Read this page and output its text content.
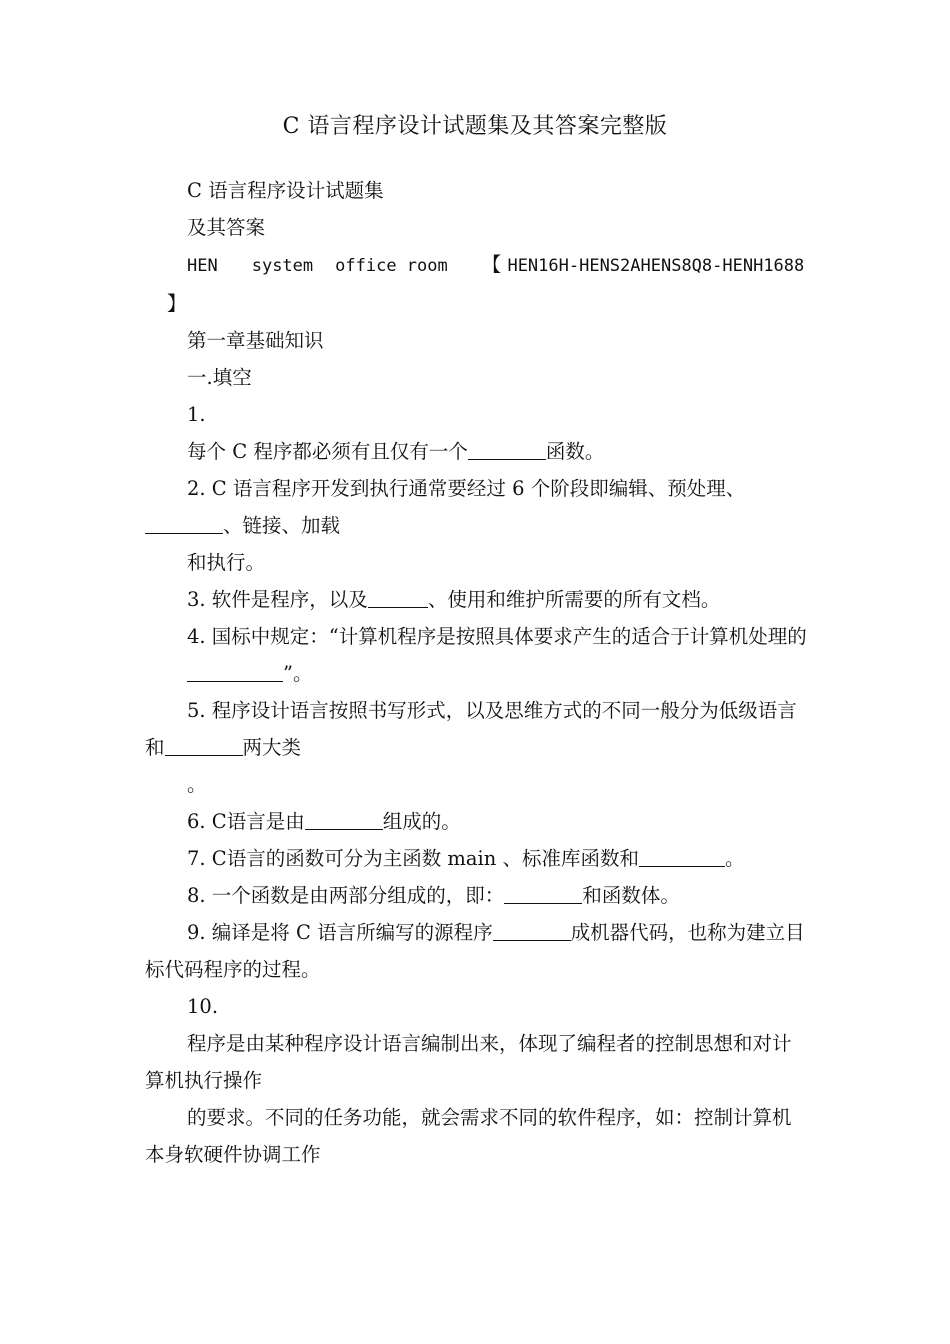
C 语言程序设计试题集及其答案完整版

C 语言程序设计试题集

及其答案

HEN system office room 【 HEN16H-HENS2AHENS8Q8-HENH1688】

第一章基础知识

一.填空

1.

每个 C 程序都必须有且仅有一个	函数。

2. C 语言程序开发到执行通常要经过 6 个阶段即编辑、预处理、、链接、加载

和执行。

3. 软件是程序，以及	、使用和维护所需要的所有文档。

4. 国标中规定：“计算机程序是按照具体要求产生的适合于计算机处理的

”。

5. 程序设计语言按照书写形式，以及思维方式的不同一般分为低级语言和	两大类

。

6. C语言是由	组成的。

7. C语言的函数可分为主函数 main 、标准库函数和	。

8. 一个函数是由两部分组成的，即：	和函数体。

9. 编译是将 C 语言所编写的源程序	成机器代码，也称为建立目标代码程序的过程。

10.

程序是由某种程序设计语言编制出来，体现了编程者的控制思想和对计算机执行操作

的要求。不同的任务功能，就会需求不同的软件程序，如：控制计算机本身软硬件协调工作
